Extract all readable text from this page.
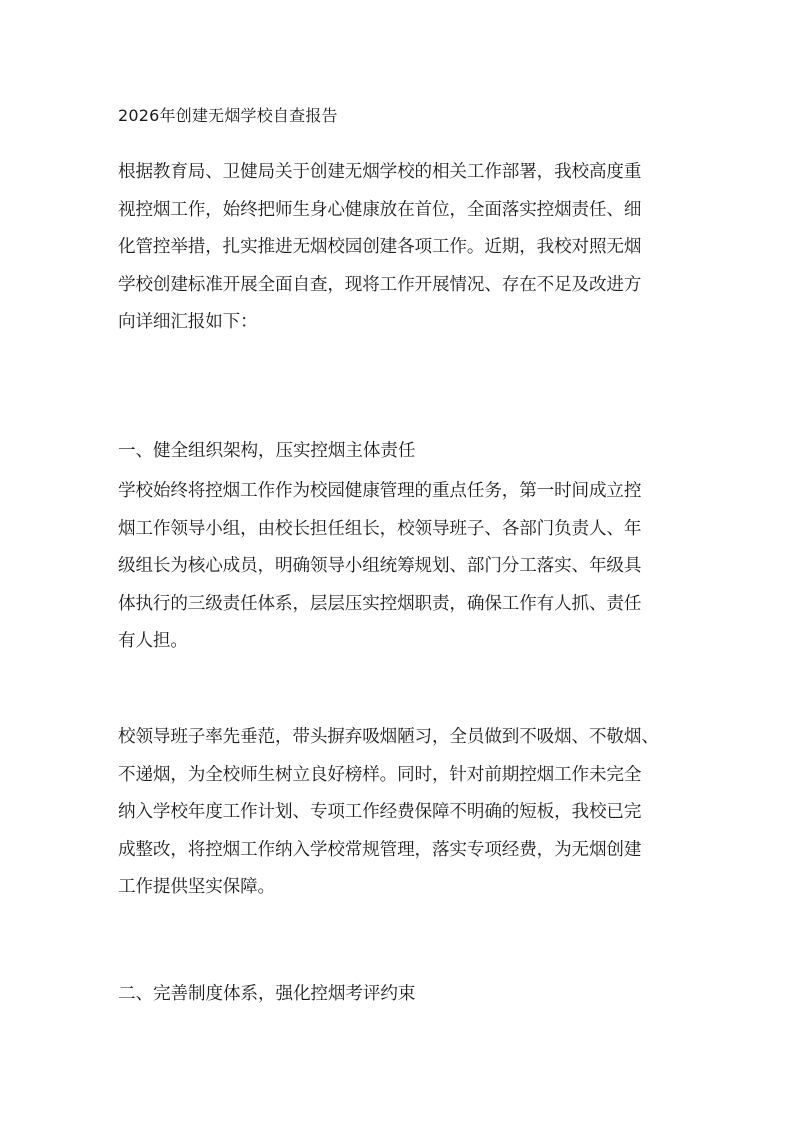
2026年创建无烟学校自查报告
根据教育局、卫健局关于创建无烟学校的相关工作部署，我校高度重
视控烟工作，始终把师生身心健康放在首位，全面落实控烟责任、细
化管控举措，扎实推进无烟校园创建各项工作。近期，我校对照无烟
学校创建标准开展全面自查，现将工作开展情况、存在不足及改进方
向详细汇报如下：
一、健全组织架构，压实控烟主体责任
学校始终将控烟工作作为校园健康管理的重点任务，第一时间成立控
烟工作领导小组，由校长担任组长，校领导班子、各部门负责人、年
级组长为核心成员，明确领导小组统筹规划、部门分工落实、年级具
体执行的三级责任体系，层层压实控烟职责，确保工作有人抓、责任
有人担。
校领导班子率先垂范，带头摒弃吸烟陋习，全员做到不吸烟、不敬烟、
不递烟，为全校师生树立良好榜样。同时，针对前期控烟工作未完全
纳入学校年度工作计划、专项工作经费保障不明确的短板，我校已完
成整改，将控烟工作纳入学校常规管理，落实专项经费，为无烟创建
工作提供坚实保障。
二、完善制度体系，强化控烟考评约束
